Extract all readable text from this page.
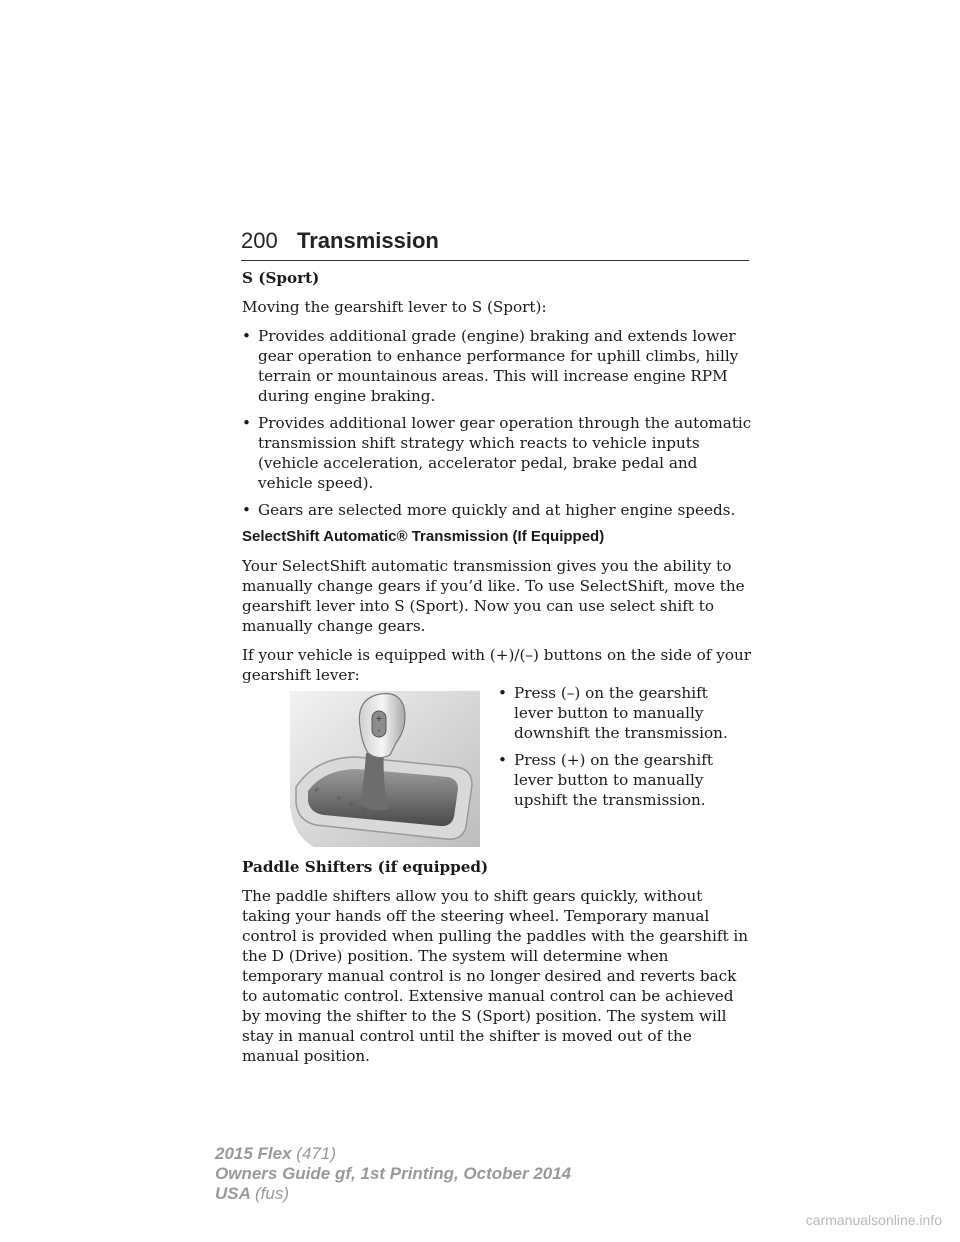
200 Transmission
S (Sport)

Moving the gearshift lever to S (Sport):

• Provides additional grade (engine) braking and extends lower gear operation to enhance performance for uphill climbs, hilly terrain or mountainous areas. This will increase engine RPM during engine braking.
• Provides additional lower gear operation through the automatic transmission shift strategy which reacts to vehicle inputs (vehicle acceleration, accelerator pedal, brake pedal and vehicle speed).
• Gears are selected more quickly and at higher engine speeds.
SelectShift Automatic® Transmission (If Equipped)

Your SelectShift automatic transmission gives you the ability to manually change gears if you’d like. To use SelectShift, move the gearshift lever into S (Sport). Now you can use select shift to manually change gears.

If your vehicle is equipped with (+)/(–) buttons on the side of your gearshift lever:

+
-
P
R
N
D
S
• Press (–) on the gearshift lever button to manually downshift the transmission.
• Press (+) on the gearshift lever button to manually upshift the transmission.
Paddle Shifters (if equipped)

The paddle shifters allow you to shift gears quickly, without taking your hands off the steering wheel. Temporary manual control is provided when pulling the paddles with the gearshift in the D (Drive) position. The system will determine when temporary manual control is no longer desired and reverts back to automatic control. Extensive manual control can be achieved by moving the shifter to the S (Sport) position. The system will stay in manual control until the shifter is moved out of the manual position.

2015 Flex (471)
Owners Guide gf, 1st Printing, October 2014
USA (fus)
carmanualsonline.info
